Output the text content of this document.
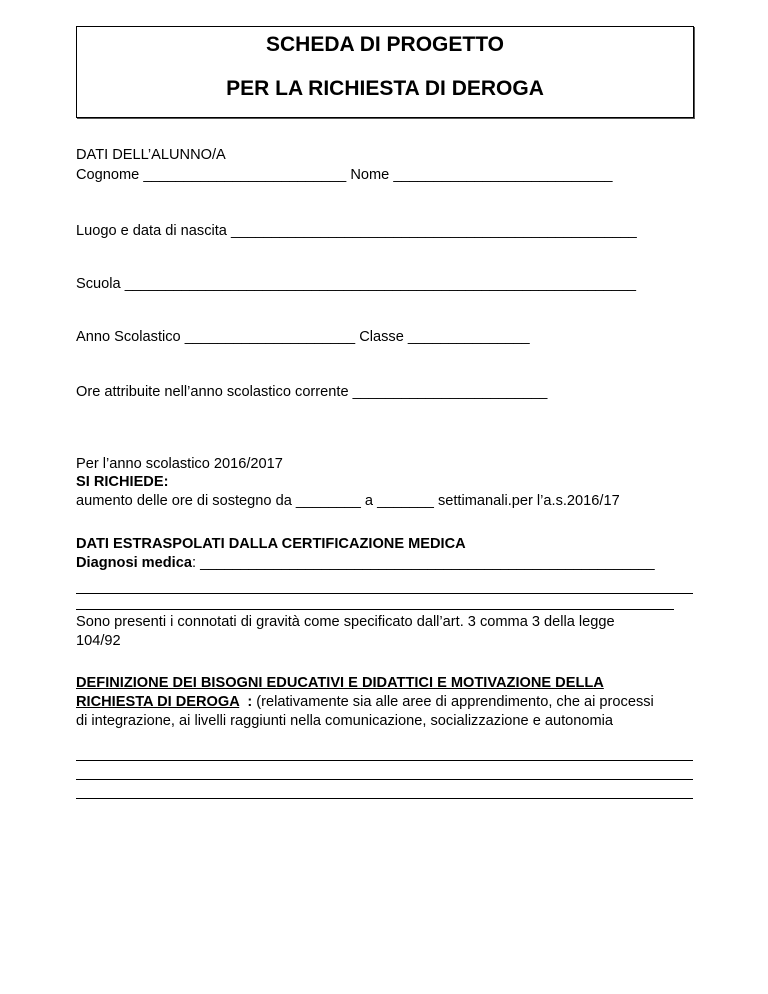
SCHEDA DI PROGETTO
PER LA RICHIESTA DI DEROGA
DATI DELL’ALUNNO/A
Cognome _________________________ Nome ___________________________
Luogo e data di nascita __________________________________________________
Scuola _______________________________________________________________
Anno Scolastico _____________________ Classe _______________
Ore attribuite nell’anno scolastico corrente ________________________
Per l’anno scolastico 2016/2017
SI RICHIEDE:
aumento delle ore di sostegno da ________ a _______ settimanali.per l’a.s.2016/17
DATI ESTRASPOLATI DALLA CERTIFICAZIONE MEDICA
Diagnosi medica: ________________________________________________________
Sono presenti i connotati di gravità come specificato dall’art. 3 comma 3 della legge
104/92
DEFINIZIONE DEI BISOGNI EDUCATIVI E DIDATTICI E MOTIVAZIONE DELLA
RICHIESTA DI DEROGA  : (relativamente sia alle aree di apprendimento, che ai processi
di integrazione, ai livelli raggiunti nella comunicazione, socializzazione e autonomia
